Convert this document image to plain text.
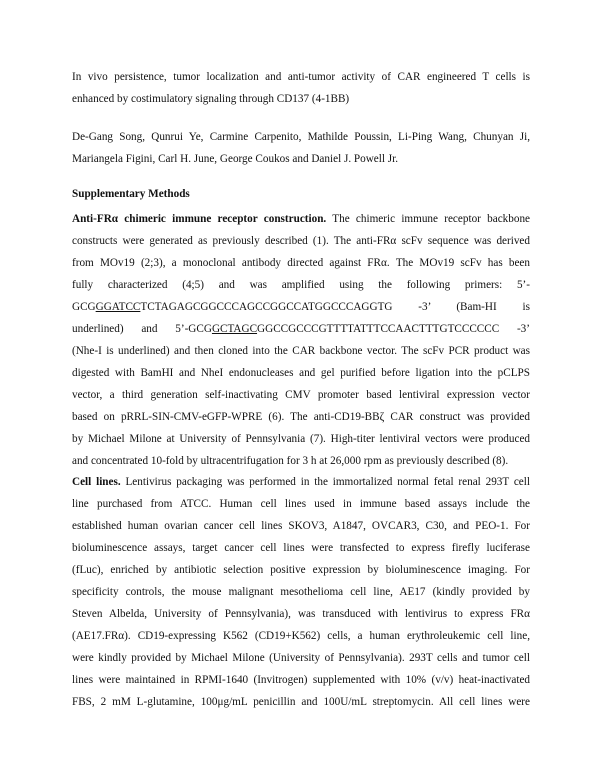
In vivo persistence, tumor localization and anti-tumor activity of CAR engineered T cells is
enhanced by costimulatory signaling through CD137 (4-1BB)
De-Gang Song, Qunrui Ye, Carmine Carpenito, Mathilde Poussin, Li-Ping Wang, Chunyan Ji,
Mariangela Figini, Carl H. June, George Coukos and Daniel J. Powell Jr.
Supplementary Methods
Anti-FRα chimeric immune receptor construction. The chimeric immune receptor backbone
constructs were generated as previously described (1). The anti-FRα scFv sequence was derived
from MOv19 (2;3), a monoclonal antibody directed against FRα. The MOv19 scFv has been
fully characterized (4;5) and was amplified using the following primers: 5’-
GCGGGATCCTCTAGAGCGGCCCAGCCGGCCATGGCCCAGGTG -3’ (Bam-HI is
underlined) and 5’-GCGGCTAGCGGCCGCCCGTTTTATTTCCAACTTTGTCCCCCC -3’
(Nhe-I is underlined) and then cloned into the CAR backbone vector. The scFv PCR product was
digested with BamHI and NheI endonucleases and gel purified before ligation into the pCLPS
vector, a third generation self-inactivating CMV promoter based lentiviral expression vector
based on pRRL-SIN-CMV-eGFP-WPRE (6). The anti-CD19-BBζ CAR construct was provided
by Michael Milone at University of Pennsylvania (7). High-titer lentiviral vectors were produced
and concentrated 10-fold by ultracentrifugation for 3 h at 26,000 rpm as previously described (8).
Cell lines. Lentivirus packaging was performed in the immortalized normal fetal renal 293T cell
line purchased from ATCC. Human cell lines used in immune based assays include the
established human ovarian cancer cell lines SKOV3, A1847, OVCAR3, C30, and PEO-1. For
bioluminescence assays, target cancer cell lines were transfected to express firefly luciferase
(fLuc), enriched by antibiotic selection positive expression by bioluminescence imaging. For
specificity controls, the mouse malignant mesothelioma cell line, AE17 (kindly provided by
Steven Albelda, University of Pennsylvania), was transduced with lentivirus to express FRα
(AE17.FRα). CD19-expressing K562 (CD19+K562) cells, a human erythroleukemic cell line,
were kindly provided by Michael Milone (University of Pennsylvania). 293T cells and tumor cell
lines were maintained in RPMI-1640 (Invitrogen) supplemented with 10% (v/v) heat-inactivated
FBS, 2 mM L-glutamine, 100μg/mL penicillin and 100U/mL streptomycin. All cell lines were
